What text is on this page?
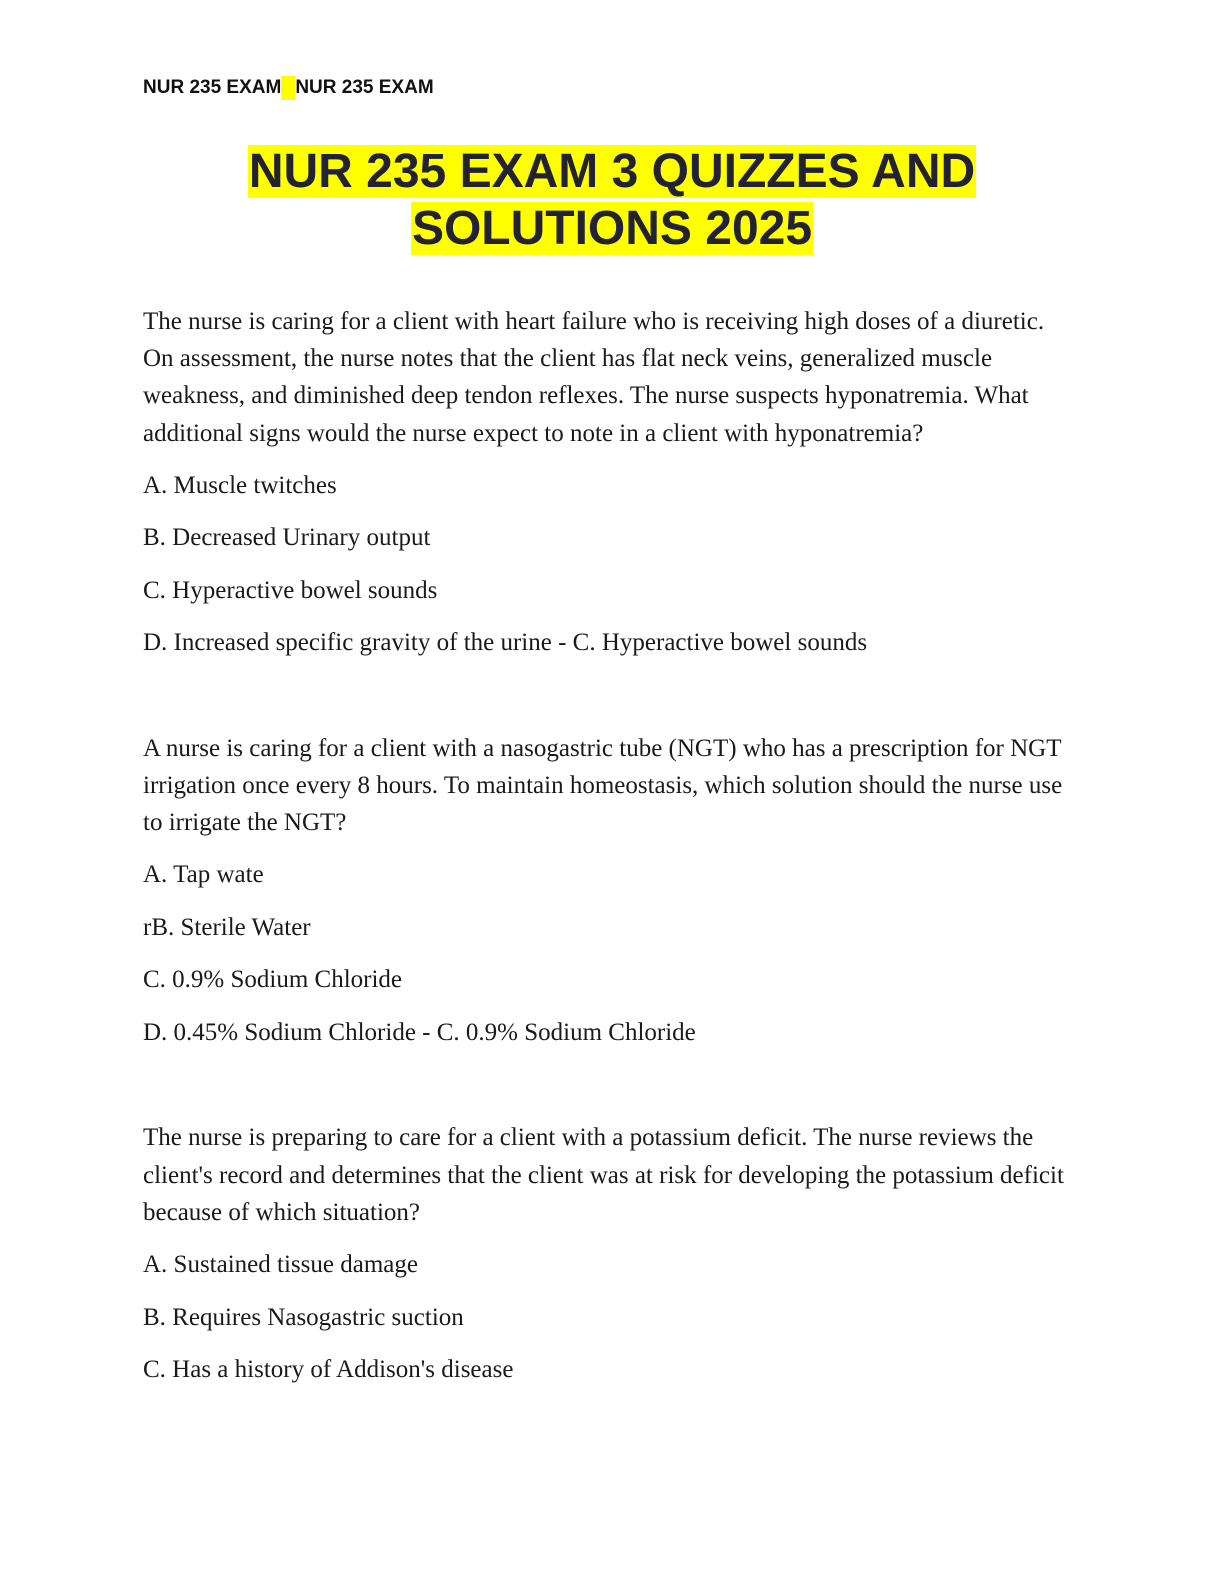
NUR 235 EXAM NUR 235 EXAM
NUR 235 EXAM 3 QUIZZES AND
SOLUTIONS 2025

The nurse is caring for a client with heart failure who is receiving high doses of a diuretic. On assessment, the nurse notes that the client has flat neck veins, generalized muscle weakness, and diminished deep tendon reflexes. The nurse suspects hyponatremia. What additional signs would the nurse expect to note in a client with hyponatremia?

A. Muscle twitches

B. Decreased Urinary output

C. Hyperactive bowel sounds

D. Increased specific gravity of the urine - C. Hyperactive bowel sounds

A nurse is caring for a client with a nasogastric tube (NGT) who has a prescription for NGT irrigation once every 8 hours. To maintain homeostasis, which solution should the nurse use to irrigate the NGT?

A. Tap wate

rB. Sterile Water

C. 0.9% Sodium Chloride

D. 0.45% Sodium Chloride - C. 0.9% Sodium Chloride

The nurse is preparing to care for a client with a potassium deficit. The nurse reviews the client's record and determines that the client was at risk for developing the potassium deficit because of which situation?

A. Sustained tissue damage

B. Requires Nasogastric suction

C. Has a history of Addison's disease
